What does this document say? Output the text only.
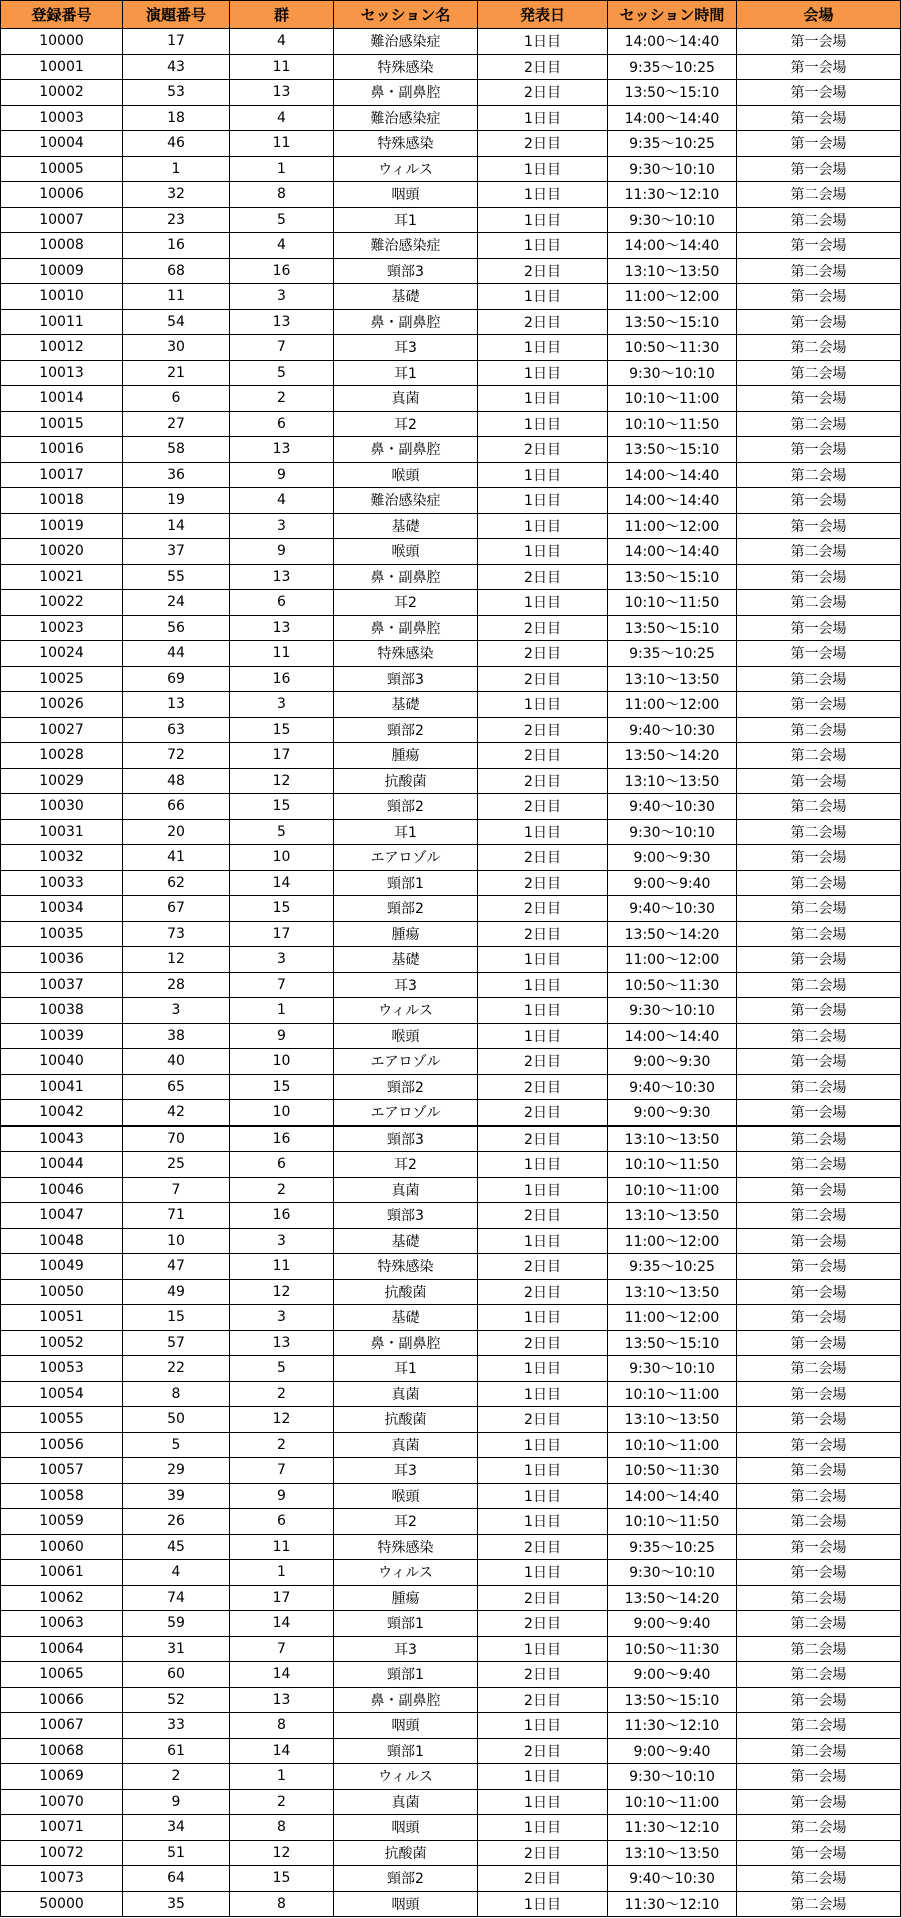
登録番号	演題番号	群	セッション名	発表日	セッション時間	会場
10000	17	4	難治感染症	1日目	14:00〜14:40	第一会場
10001	43	11	特殊感染	2日目	9:35〜10:25	第一会場
10002	53	13	鼻・副鼻腔	2日目	13:50〜15:10	第一会場
10003	18	4	難治感染症	1日目	14:00〜14:40	第一会場
10004	46	11	特殊感染	2日目	9:35〜10:25	第一会場
10005	1	1	ウィルス	1日目	9:30〜10:10	第一会場
10006	32	8	咽頭	1日目	11:30〜12:10	第二会場
10007	23	5	耳1	1日目	9:30〜10:10	第二会場
10008	16	4	難治感染症	1日目	14:00〜14:40	第一会場
10009	68	16	頸部3	2日目	13:10〜13:50	第二会場
10010	11	3	基礎	1日目	11:00〜12:00	第一会場
10011	54	13	鼻・副鼻腔	2日目	13:50〜15:10	第一会場
10012	30	7	耳3	1日目	10:50〜11:30	第二会場
10013	21	5	耳1	1日目	9:30〜10:10	第二会場
10014	6	2	真菌	1日目	10:10〜11:00	第一会場
10015	27	6	耳2	1日目	10:10〜11:50	第二会場
10016	58	13	鼻・副鼻腔	2日目	13:50〜15:10	第一会場
10017	36	9	喉頭	1日目	14:00〜14:40	第二会場
10018	19	4	難治感染症	1日目	14:00〜14:40	第一会場
10019	14	3	基礎	1日目	11:00〜12:00	第一会場
10020	37	9	喉頭	1日目	14:00〜14:40	第二会場
10021	55	13	鼻・副鼻腔	2日目	13:50〜15:10	第一会場
10022	24	6	耳2	1日目	10:10〜11:50	第二会場
10023	56	13	鼻・副鼻腔	2日目	13:50〜15:10	第一会場
10024	44	11	特殊感染	2日目	9:35〜10:25	第一会場
10025	69	16	頸部3	2日目	13:10〜13:50	第二会場
10026	13	3	基礎	1日目	11:00〜12:00	第一会場
10027	63	15	頸部2	2日目	9:40〜10:30	第二会場
10028	72	17	腫瘍	2日目	13:50〜14:20	第二会場
10029	48	12	抗酸菌	2日目	13:10〜13:50	第一会場
10030	66	15	頸部2	2日目	9:40〜10:30	第二会場
10031	20	5	耳1	1日目	9:30〜10:10	第二会場
10032	41	10	エアロゾル	2日目	9:00〜9:30	第一会場
10033	62	14	頸部1	2日目	9:00〜9:40	第二会場
10034	67	15	頸部2	2日目	9:40〜10:30	第二会場
10035	73	17	腫瘍	2日目	13:50〜14:20	第二会場
10036	12	3	基礎	1日目	11:00〜12:00	第一会場
10037	28	7	耳3	1日目	10:50〜11:30	第二会場
10038	3	1	ウィルス	1日目	9:30〜10:10	第一会場
10039	38	9	喉頭	1日目	14:00〜14:40	第二会場
10040	40	10	エアロゾル	2日目	9:00〜9:30	第一会場
10041	65	15	頸部2	2日目	9:40〜10:30	第二会場
10042	42	10	エアロゾル	2日目	9:00〜9:30	第一会場
10043	70	16	頸部3	2日目	13:10〜13:50	第二会場
10044	25	6	耳2	1日目	10:10〜11:50	第二会場
10046	7	2	真菌	1日目	10:10〜11:00	第一会場
10047	71	16	頸部3	2日目	13:10〜13:50	第二会場
10048	10	3	基礎	1日目	11:00〜12:00	第一会場
10049	47	11	特殊感染	2日目	9:35〜10:25	第一会場
10050	49	12	抗酸菌	2日目	13:10〜13:50	第一会場
10051	15	3	基礎	1日目	11:00〜12:00	第一会場
10052	57	13	鼻・副鼻腔	2日目	13:50〜15:10	第一会場
10053	22	5	耳1	1日目	9:30〜10:10	第二会場
10054	8	2	真菌	1日目	10:10〜11:00	第一会場
10055	50	12	抗酸菌	2日目	13:10〜13:50	第一会場
10056	5	2	真菌	1日目	10:10〜11:00	第一会場
10057	29	7	耳3	1日目	10:50〜11:30	第二会場
10058	39	9	喉頭	1日目	14:00〜14:40	第二会場
10059	26	6	耳2	1日目	10:10〜11:50	第二会場
10060	45	11	特殊感染	2日目	9:35〜10:25	第一会場
10061	4	1	ウィルス	1日目	9:30〜10:10	第一会場
10062	74	17	腫瘍	2日目	13:50〜14:20	第二会場
10063	59	14	頸部1	2日目	9:00〜9:40	第二会場
10064	31	7	耳3	1日目	10:50〜11:30	第二会場
10065	60	14	頸部1	2日目	9:00〜9:40	第二会場
10066	52	13	鼻・副鼻腔	2日目	13:50〜15:10	第一会場
10067	33	8	咽頭	1日目	11:30〜12:10	第二会場
10068	61	14	頸部1	2日目	9:00〜9:40	第二会場
10069	2	1	ウィルス	1日目	9:30〜10:10	第一会場
10070	9	2	真菌	1日目	10:10〜11:00	第一会場
10071	34	8	咽頭	1日目	11:30〜12:10	第二会場
10072	51	12	抗酸菌	2日目	13:10〜13:50	第一会場
10073	64	15	頸部2	2日目	9:40〜10:30	第二会場
50000	35	8	咽頭	1日目	11:30〜12:10	第二会場
